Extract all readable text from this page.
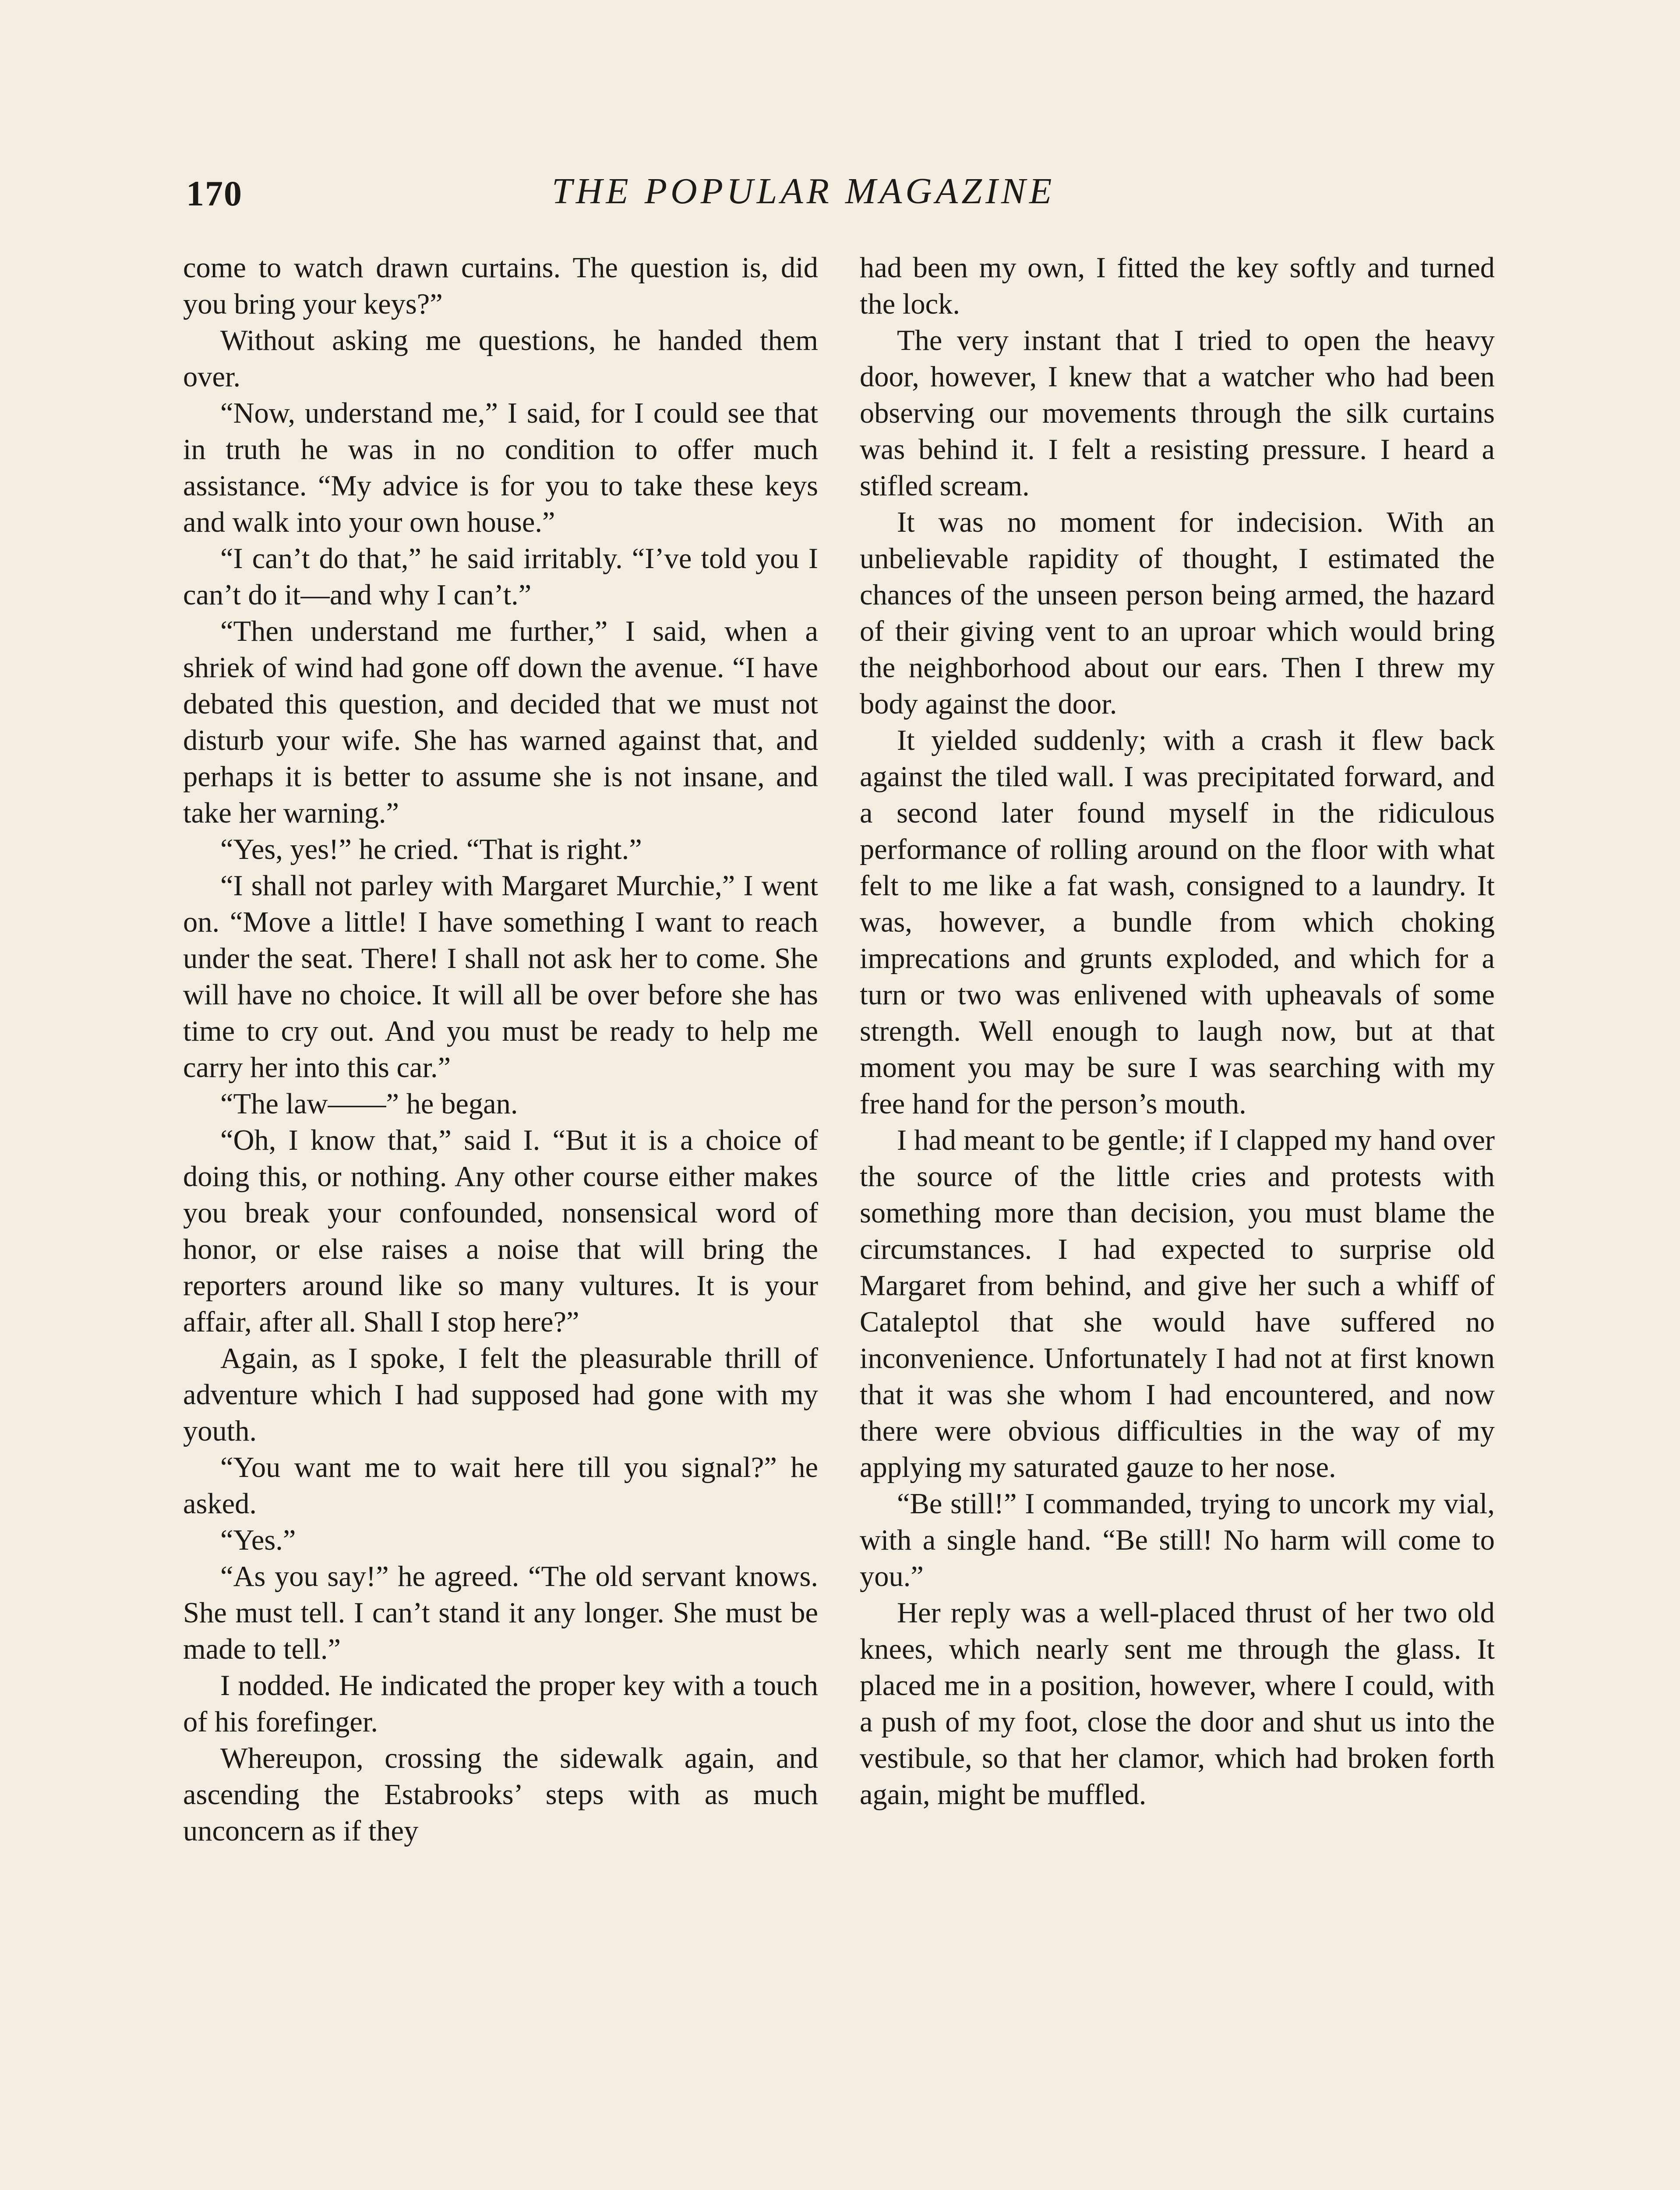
170	THE POPULAR MAGAZINE

come to watch drawn curtains. The question is, did you bring your keys?”

Without asking me questions, he handed them over.

“Now, understand me,” I said, for I could see that in truth he was in no condition to offer much assistance. “My advice is for you to take these keys and walk into your own house.”

“I can’t do that,” he said irritably. “I’ve told you I can’t do it—and why I can’t.”

“Then understand me further,” I said, when a shriek of wind had gone off down the avenue. “I have debated this question, and decided that we must not disturb your wife. She has warned against that, and perhaps it is better to assume she is not insane, and take her warning.”

“Yes, yes!” he cried. “That is right.”

“I shall not parley with Margaret Murchie,” I went on. “Move a little! I have something I want to reach under the seat. There! I shall not ask her to come. She will have no choice. It will all be over before she has time to cry out. And you must be ready to help me carry her into this car.”

“The law——” he began.

“Oh, I know that,” said I. “But it is a choice of doing this, or nothing. Any other course either makes you break your confounded, nonsensical word of honor, or else raises a noise that will bring the reporters around like so many vultures. It is your affair, after all. Shall I stop here?”

Again, as I spoke, I felt the pleasurable thrill of adventure which I had supposed had gone with my youth.

“You want me to wait here till you signal?” he asked.

“Yes.”

“As you say!” he agreed. “The old servant knows. She must tell. I can’t stand it any longer. She must be made to tell.”

I nodded. He indicated the proper key with a touch of his forefinger.

Whereupon, crossing the sidewalk again, and ascending the Estabrooks’ steps with as much unconcern as if they

had been my own, I fitted the key softly and turned the lock.

The very instant that I tried to open the heavy door, however, I knew that a watcher who had been observing our movements through the silk curtains was behind it. I felt a resisting pressure. I heard a stifled scream.

It was no moment for indecision. With an unbelievable rapidity of thought, I estimated the chances of the unseen person being armed, the hazard of their giving vent to an uproar which would bring the neighborhood about our ears. Then I threw my body against the door.

It yielded suddenly; with a crash it flew back against the tiled wall. I was precipitated forward, and a second later found myself in the ridiculous performance of rolling around on the floor with what felt to me like a fat wash, consigned to a laundry. It was, however, a bundle from which choking imprecations and grunts exploded, and which for a turn or two was enlivened with upheavals of some strength. Well enough to laugh now, but at that moment you may be sure I was searching with my free hand for the person’s mouth.

I had meant to be gentle; if I clapped my hand over the source of the little cries and protests with something more than decision, you must blame the circumstances. I had expected to surprise old Margaret from behind, and give her such a whiff of Cataleptol that she would have suffered no inconvenience. Unfortunately I had not at first known that it was she whom I had encountered, and now there were obvious difficulties in the way of my applying my saturated gauze to her nose.

“Be still!” I commanded, trying to uncork my vial, with a single hand. “Be still! No harm will come to you.”

Her reply was a well-placed thrust of her two old knees, which nearly sent me through the glass. It placed me in a position, however, where I could, with a push of my foot, close the door and shut us into the vestibule, so that her clamor, which had broken forth again, might be muffled.
